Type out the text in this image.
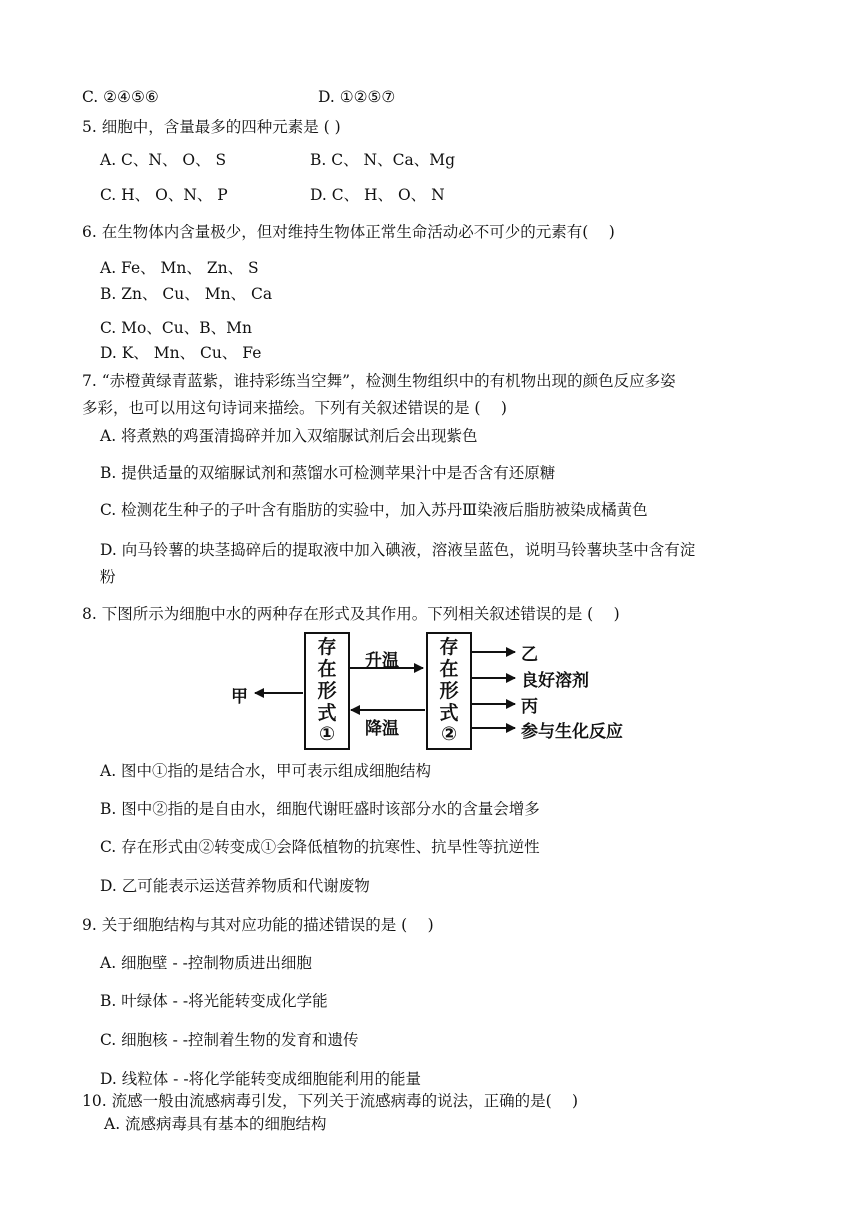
C. ②④⑤⑥	D. ①②⑤⑦
5. 细胞中，含量最多的四种元素是 ( )
A. C、N、 O、 S	B. C、 N、Ca、Mg
C. H、 O、N、 P	D. C、 H、 O、 N
6. 在生物体内含量极少，但对维持生物体正常生命活动必不可少的元素有(　 )
A. Fe、 Mn、 Zn、 S
B. Zn、 Cu、 Mn、 Ca
C. Mo、Cu、B、Mn
D. K、 Mn、 Cu、 Fe
7. “赤橙黄绿青蓝紫，谁持彩练当空舞”，检测生物组织中的有机物出现的颜色反应多姿
多彩，也可以用这句诗词来描绘。下列有关叙述错误的是 (　 )
A. 将煮熟的鸡蛋清捣碎并加入双缩脲试剂后会出现紫色
B. 提供适量的双缩脲试剂和蒸馏水可检测苹果汁中是否含有还原糖
C. 检测花生种子的子叶含有脂肪的实验中，加入苏丹Ⅲ染液后脂肪被染成橘黄色
D. 向马铃薯的块茎捣碎后的提取液中加入碘液，溶液呈蓝色，说明马铃薯块茎中含有淀
粉
8. 下图所示为细胞中水的两种存在形式及其作用。下列相关叙述错误的是 (　 )
存
在
形
式
①
存
在
形
式
②
升温
降温
甲
乙
良好溶剂
丙
参与生化反应
A. 图中①指的是结合水，甲可表示组成细胞结构
B. 图中②指的是自由水，细胞代谢旺盛时该部分水的含量会增多
C. 存在形式由②转变成①会降低植物的抗寒性、抗旱性等抗逆性
D. 乙可能表示运送营养物质和代谢废物
9. 关于细胞结构与其对应功能的描述错误的是 (　 )
A. 细胞壁 - -控制物质进出细胞
B. 叶绿体 - -将光能转变成化学能
C. 细胞核 - -控制着生物的发育和遗传
D. 线粒体 - -将化学能转变成细胞能利用的能量
10. 流感一般由流感病毒引发，下列关于流感病毒的说法，正确的是(　 )
A. 流感病毒具有基本的细胞结构
